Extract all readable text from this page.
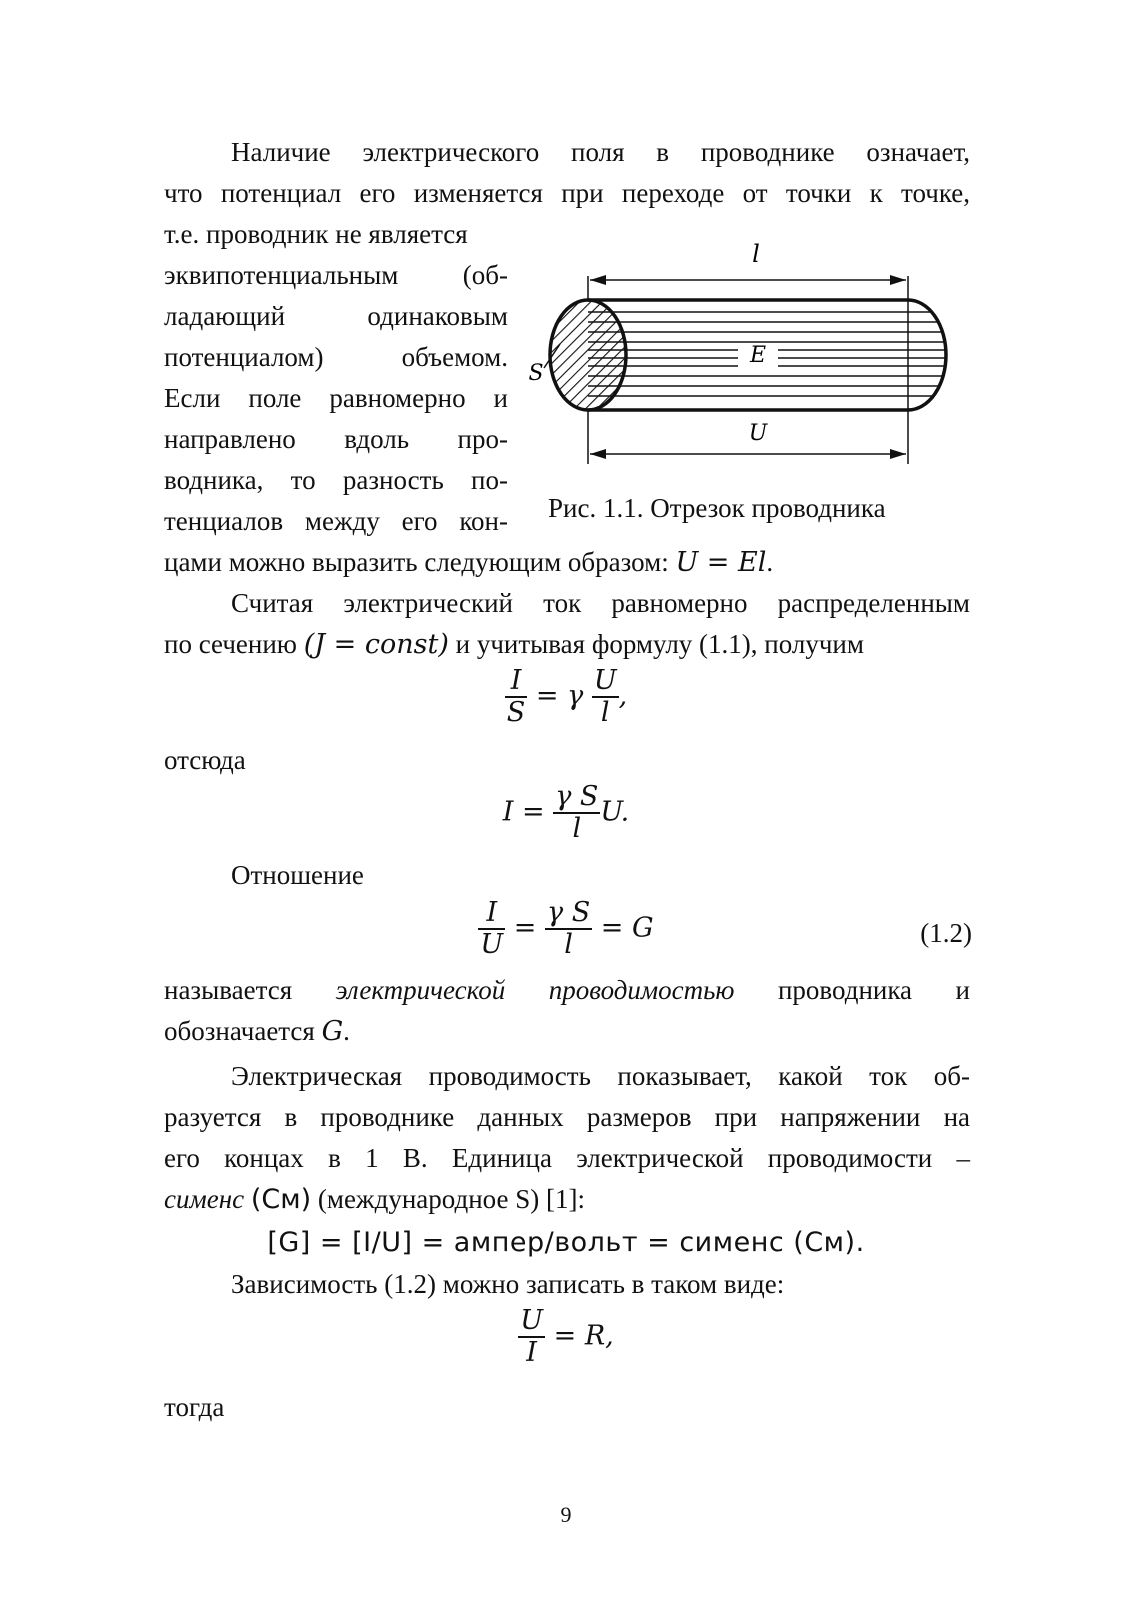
Наличие электрического поля в проводнике означает,
что потенциал его изменяется при переходе от точки к точке,
т.е. проводник не является
эквипотенциальным (об-
ладающий одинаковым
потенциалом) объемом.
Если поле равномерно и
направлено вдоль про-
водника, то разность по-
тенциалов между его кон-
цами можно выразить следующим образом: U = El.
l
E
S
U
Рис. 1.1. Отрезок проводника
Считая электрический ток равномерно распределенным
по сечению (J = const) и учитывая формулу (1.1), получим
$\frac{I}{S} = \gamma \frac{U}{l}$ ,
отсюда
$I = \frac{\text{γ S}}{l} U$.
Отношение
$\frac{I}{U} = \frac{\text{γ S}}{l} = G$	(1.2)
называется электрической проводимостью проводника и
обозначается G.
Электрическая проводимость показывает, какой ток об-
разуется в проводнике данных размеров при напряжении на
его концах в 1 В. Единица электрической проводимости –
сименс (См) (международное S) [1]:
[G] = [I/U] = ампер/вольт = сименс (См).
Зависимость (1.2) можно записать в таком виде:
$\frac{U}{I} = R$,
тогда
9
